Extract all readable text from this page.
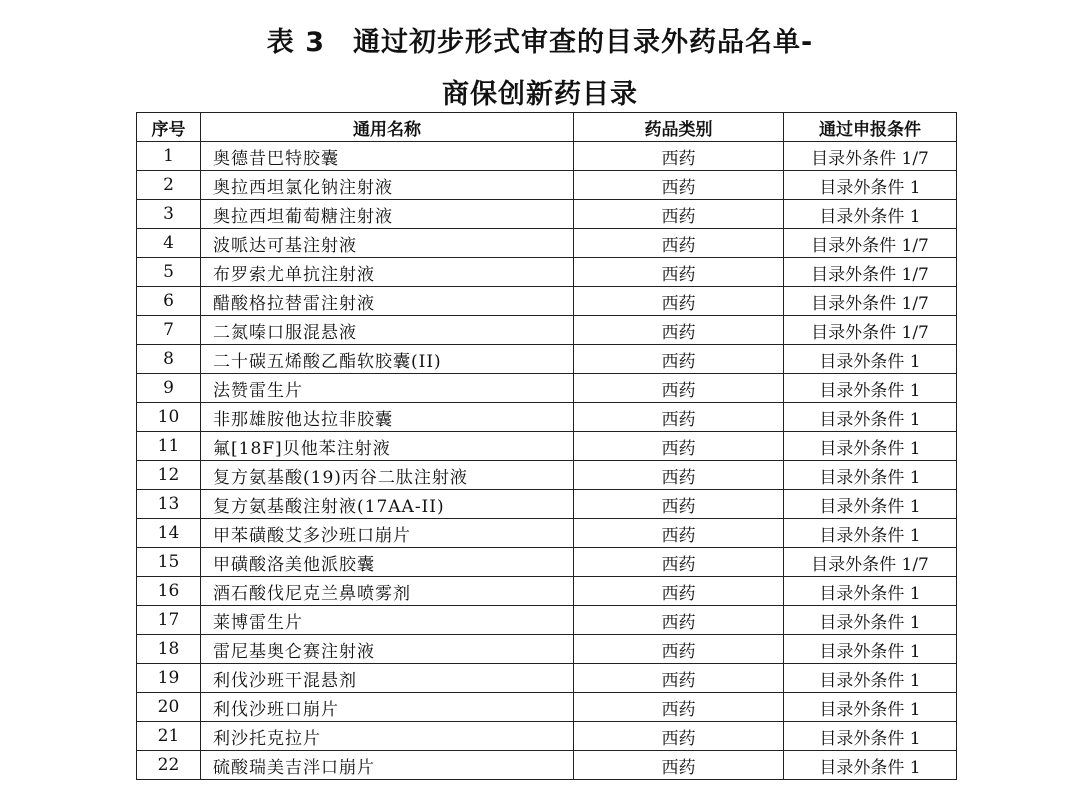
表 3　通过初步形式审查的目录外药品名单-
商保创新药目录
序号	通用名称	药品类别	通过申报条件
1	奥德昔巴特胶囊	西药	目录外条件 1/7
2	奥拉西坦氯化钠注射液	西药	目录外条件 1
3	奥拉西坦葡萄糖注射液	西药	目录外条件 1
4	波哌达可基注射液	西药	目录外条件 1/7
5	布罗索尤单抗注射液	西药	目录外条件 1/7
6	醋酸格拉替雷注射液	西药	目录外条件 1/7
7	二氮嗪口服混悬液	西药	目录外条件 1/7
8	二十碳五烯酸乙酯软胶囊(II)	西药	目录外条件 1
9	法赞雷生片	西药	目录外条件 1
10	非那雄胺他达拉非胶囊	西药	目录外条件 1
11	氟[18F]贝他苯注射液	西药	目录外条件 1
12	复方氨基酸(19)丙谷二肽注射液	西药	目录外条件 1
13	复方氨基酸注射液(17AA-II)	西药	目录外条件 1
14	甲苯磺酸艾多沙班口崩片	西药	目录外条件 1
15	甲磺酸洛美他派胶囊	西药	目录外条件 1/7
16	酒石酸伐尼克兰鼻喷雾剂	西药	目录外条件 1
17	莱博雷生片	西药	目录外条件 1
18	雷尼基奥仑赛注射液	西药	目录外条件 1
19	利伐沙班干混悬剂	西药	目录外条件 1
20	利伐沙班口崩片	西药	目录外条件 1
21	利沙托克拉片	西药	目录外条件 1
22	硫酸瑞美吉泮口崩片	西药	目录外条件 1
